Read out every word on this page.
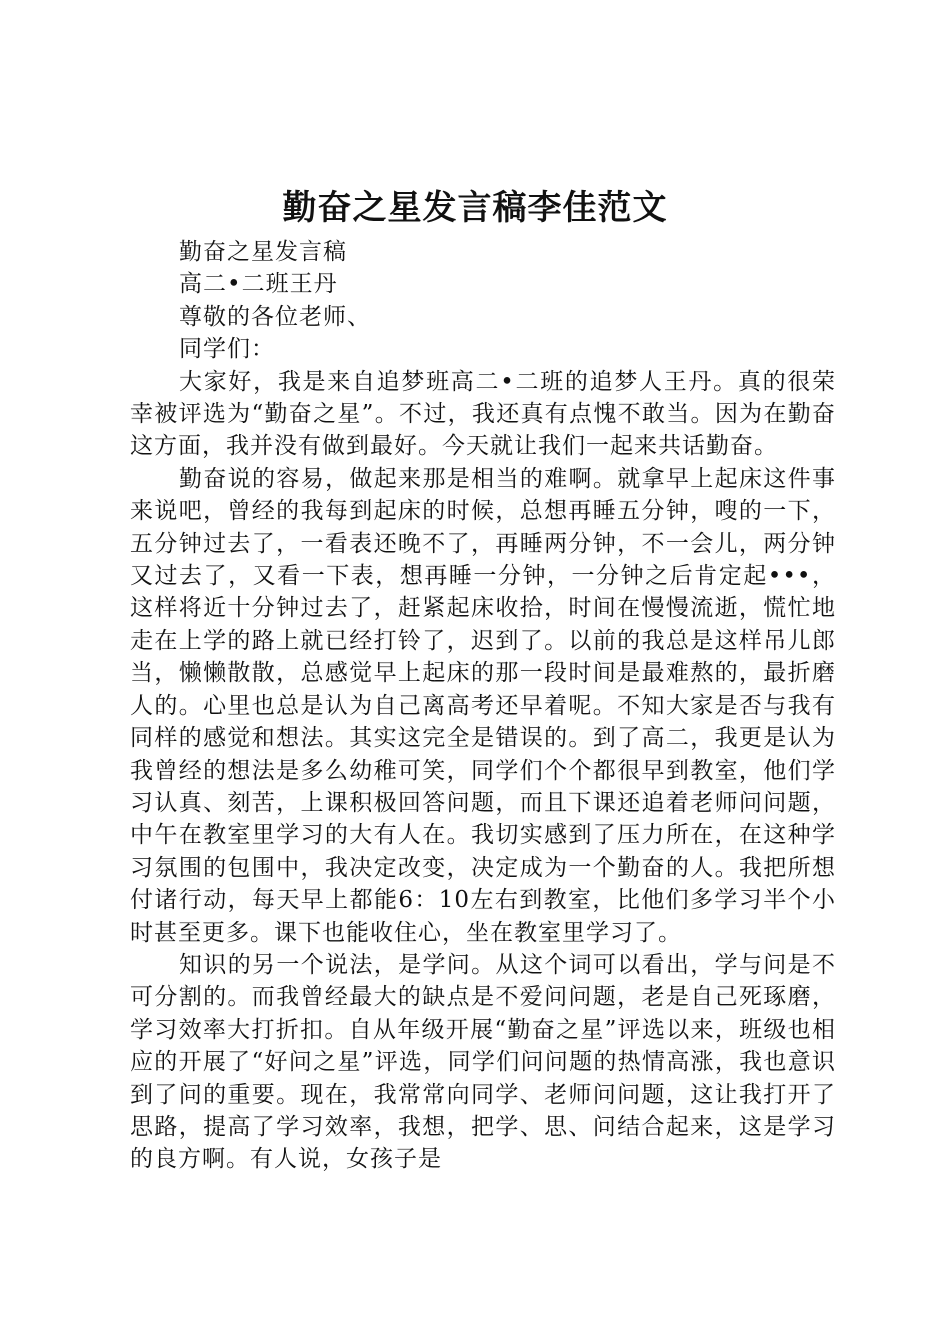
勤奋之星发言稿李佳范文

勤奋之星发言稿

高二•二班王丹

尊敬的各位老师、

同学们：

大家好，我是来自追梦班高二•二班的追梦人王丹。真的很荣幸被评选为“勤奋之星”。不过，我还真有点愧不敢当。因为在勤奋这方面，我并没有做到最好。今天就让我们一起来共话勤奋。

勤奋说的容易，做起来那是相当的难啊。就拿早上起床这件事来说吧，曾经的我每到起床的时候，总想再睡五分钟，嗖的一下，五分钟过去了，一看表还晚不了，再睡两分钟，不一会儿，两分钟又过去了，又看一下表，想再睡一分钟，一分钟之后肯定起•••，这样将近十分钟过去了，赶紧起床收拾，时间在慢慢流逝，慌忙地走在上学的路上就已经打铃了，迟到了。以前的我总是这样吊儿郎当，懒懒散散，总感觉早上起床的那一段时间是最难熬的，最折磨人的。心里也总是认为自己离高考还早着呢。不知大家是否与我有同样的感觉和想法。其实这完全是错误的。到了高二，我更是认为我曾经的想法是多么幼稚可笑，同学们个个都很早到教室，他们学习认真、刻苦，上课积极回答问题，而且下课还追着老师问问题，中午在教室里学习的大有人在。我切实感到了压力所在，在这种学习氛围的包围中，我决定改变，决定成为一个勤奋的人。我把所想付诸行动，每天早上都能6：10左右到教室，比他们多学习半个小时甚至更多。课下也能收住心，坐在教室里学习了。

知识的另一个说法，是学问。从这个词可以看出，学与问是不可分割的。而我曾经最大的缺点是不爱问问题，老是自己死琢磨，学习效率大打折扣。自从年级开展“勤奋之星”评选以来，班级也相应的开展了“好问之星”评选，同学们问问题的热情高涨，我也意识到了问的重要。现在，我常常向同学、老师问问题，这让我打开了思路，提高了学习效率，我想，把学、思、问结合起来，这是学习的良方啊。有人说，女孩子是
